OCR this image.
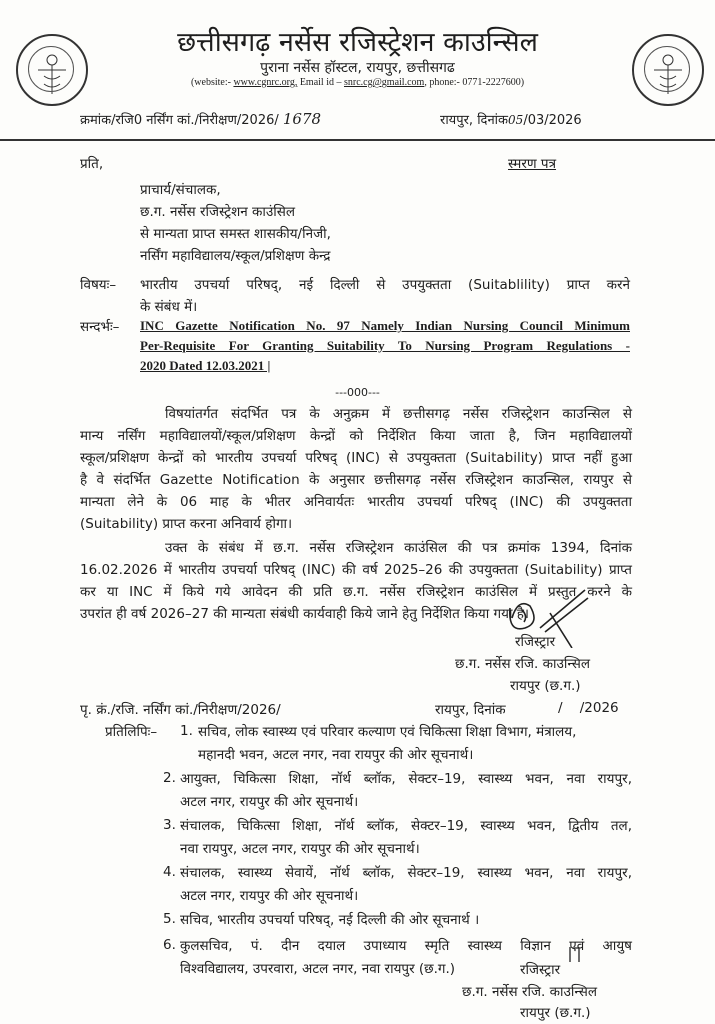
छत्तीसगढ़ नर्सेस रजिस्ट्रेशन काउन्सिल
पुराना नर्सेस हॉस्टल, रायपुर, छत्तीसगढ
(website:- www.cgnrc.org, Email id – snrc.cg@gmail.com, phone:- 0771-2227600)
क्रमांक/रजि0 नर्सिंग कां./निरीक्षण/2026/ 1678	रायपुर, दिनांक05/03/2026
प्रति,	स्मरण पत्र
प्राचार्य/संचालक,
छ.ग. नर्सेस रजिस्ट्रेशन काउंसिल
से मान्यता प्राप्त समस्त शासकीय/निजी,
नर्सिंग महाविद्यालय/स्कूल/प्रशिक्षण केन्द्र
विषयः– भारतीय उपचर्या परिषद्, नई दिल्ली से उपयुक्तता (Suitablility) प्राप्त करने
के संबंध में।
सन्दर्भः– INC Gazette Notification No. 97 Namely Indian Nursing Council Minimum
Per-Requisite For Granting Suitability To Nursing Program Regulations -
2020 Dated 12.03.2021 |
---000---
विषयांतर्गत संदर्भित पत्र के अनुक्रम में छत्तीसगढ़ नर्सेस रजिस्ट्रेशन काउन्सिल से
मान्य नर्सिंग महाविद्यालयों/स्कूल/प्रशिक्षण केन्द्रों को निर्देशित किया जाता है, जिन महाविद्यालयों
स्कूल/प्रशिक्षण केन्द्रों को भारतीय उपचर्या परिषद् (INC) से उपयुक्तता (Suitability) प्राप्त नहीं हुआ
है वे संदर्भित Gazette Notification के अनुसार छत्तीसगढ़ नर्सेस रजिस्ट्रेशन काउन्सिल, रायपुर से
मान्यता लेने के 06 माह के भीतर अनिवार्यतः भारतीय उपचर्या परिषद् (INC) की उपयुक्तता
(Suitability) प्राप्त करना अनिवार्य होगा।
उक्त के संबंध में छ.ग. नर्सेस रजिस्ट्रेशन काउंसिल की पत्र क्रमांक 1394, दिनांक
16.02.2026 में भारतीय उपचर्या परिषद् (INC) की वर्ष 2025–26 की उपयुक्तता (Suitability) प्राप्त
कर या INC में किये गये आवेदन की प्रति छ.ग. नर्सेस रजिस्ट्रेशन काउंसिल में प्रस्तुत करने के
उपरांत ही वर्ष 2026–27 की मान्यता संबंधी कार्यवाही किये जाने हेतु निर्देशित किया गया है।
रजिस्ट्रार
छ.ग. नर्सेस रजि. काउन्सिल
रायपुर (छ.ग.)
पृ. क्रं./रजि. नर्सिंग कां./निरीक्षण/2026/	रायपुर, दिनांक	/    /2026
प्रतिलिपिः– 1. सचिव, लोक स्वास्थ्य एवं परिवार कल्याण एवं चिकित्सा शिक्षा विभाग, मंत्रालय,
महानदी भवन, अटल नगर, नवा रायपुर की ओर सूचनार्थ।
2. आयुक्त, चिकित्सा शिक्षा, नॉर्थ ब्लॉक, सेक्टर–19, स्वास्थ्य भवन, नवा रायपुर,
अटल नगर, रायपुर की ओर सूचनार्थ।
3. संचालक, चिकित्सा शिक्षा, नॉर्थ ब्लॉक, सेक्टर–19, स्वास्थ्य भवन, द्वितीय तल,
नवा रायपुर, अटल नगर, रायपुर की ओर सूचनार्थ।
4. संचालक, स्वास्थ्य सेवायें, नॉर्थ ब्लॉक, सेक्टर–19, स्वास्थ्य भवन, नवा रायपुर,
अटल नगर, रायपुर की ओर सूचनार्थ।
5. सचिव, भारतीय उपचर्या परिषद्, नई दिल्ली की ओर सूचनार्थ ।
6. कुलसचिव, पं. दीन दयाल उपाध्याय स्मृति स्वास्थ्य विज्ञान एवं आयुष
विश्वविद्यालय, उपरवारा, अटल नगर, नवा रायपुर (छ.ग.)	रजिस्ट्रार
छ.ग. नर्सेस रजि. काउन्सिल
रायपुर (छ.ग.)
